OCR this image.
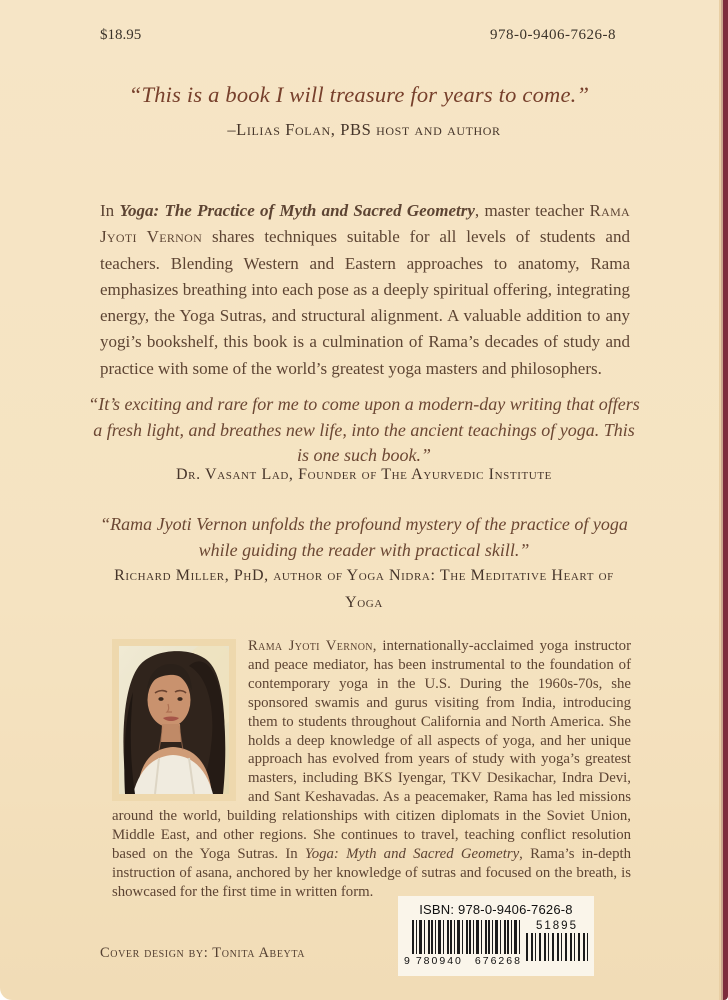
$18.95	978-0-9406-7626-8
“This is a book I will treasure for years to come.”
–Lilias Folan, PBS host and author

In Yoga: The Practice of Myth and Sacred Geometry, master teacher Rama Jyoti Vernon shares techniques suitable for all levels of students and teachers. Blending Western and Eastern approaches to anatomy, Rama emphasizes breathing into each pose as a deeply spiritual offering, integrating energy, the Yoga Sutras, and structural alignment. A valuable addition to any yogi’s bookshelf, this book is a culmination of Rama’s decades of study and practice with some of the world’s greatest yoga masters and philosophers.

“It’s exciting and rare for me to come upon a modern-day writing that offers a fresh light, and breathes new life, into the ancient teachings of yoga. This is one such book.”
Dr. Vasant Lad, Founder of The Ayurvedic Institute
“Rama Jyoti Vernon unfolds the profound mystery of the practice of yoga while guiding the reader with practical skill.”
Richard Miller, PhD, author of Yoga Nidra: The Meditative Heart of Yoga
Rama Jyoti Vernon, internationally-acclaimed yoga instructor and peace mediator, has been instrumental to the foundation of contemporary yoga in the U.S. During the 1960s-70s, she sponsored swamis and gurus visiting from India, introducing them to students throughout California and North America. She holds a deep knowledge of all aspects of yoga, and her unique approach has evolved from years of study with yoga’s greatest masters, including BKS Iyengar, TKV Desikachar, Indra Devi, and Sant Keshavadas. As a peacemaker, Rama has led missions around the world, building relationships with citizen diplomats in the Soviet Union, Middle East, and other regions. She continues to travel, teaching conflict resolution based on the Yoga Sutras. In Yoga: Myth and Sacred Geometry, Rama’s in-depth instruction of asana, anchored by her knowledge of sutras and focused on the breath, is showcased for the first time in written form.
ISBN: 978-0-9406-7626-8
9 780940 676268
51895
Cover design by: Tonita Abeyta
